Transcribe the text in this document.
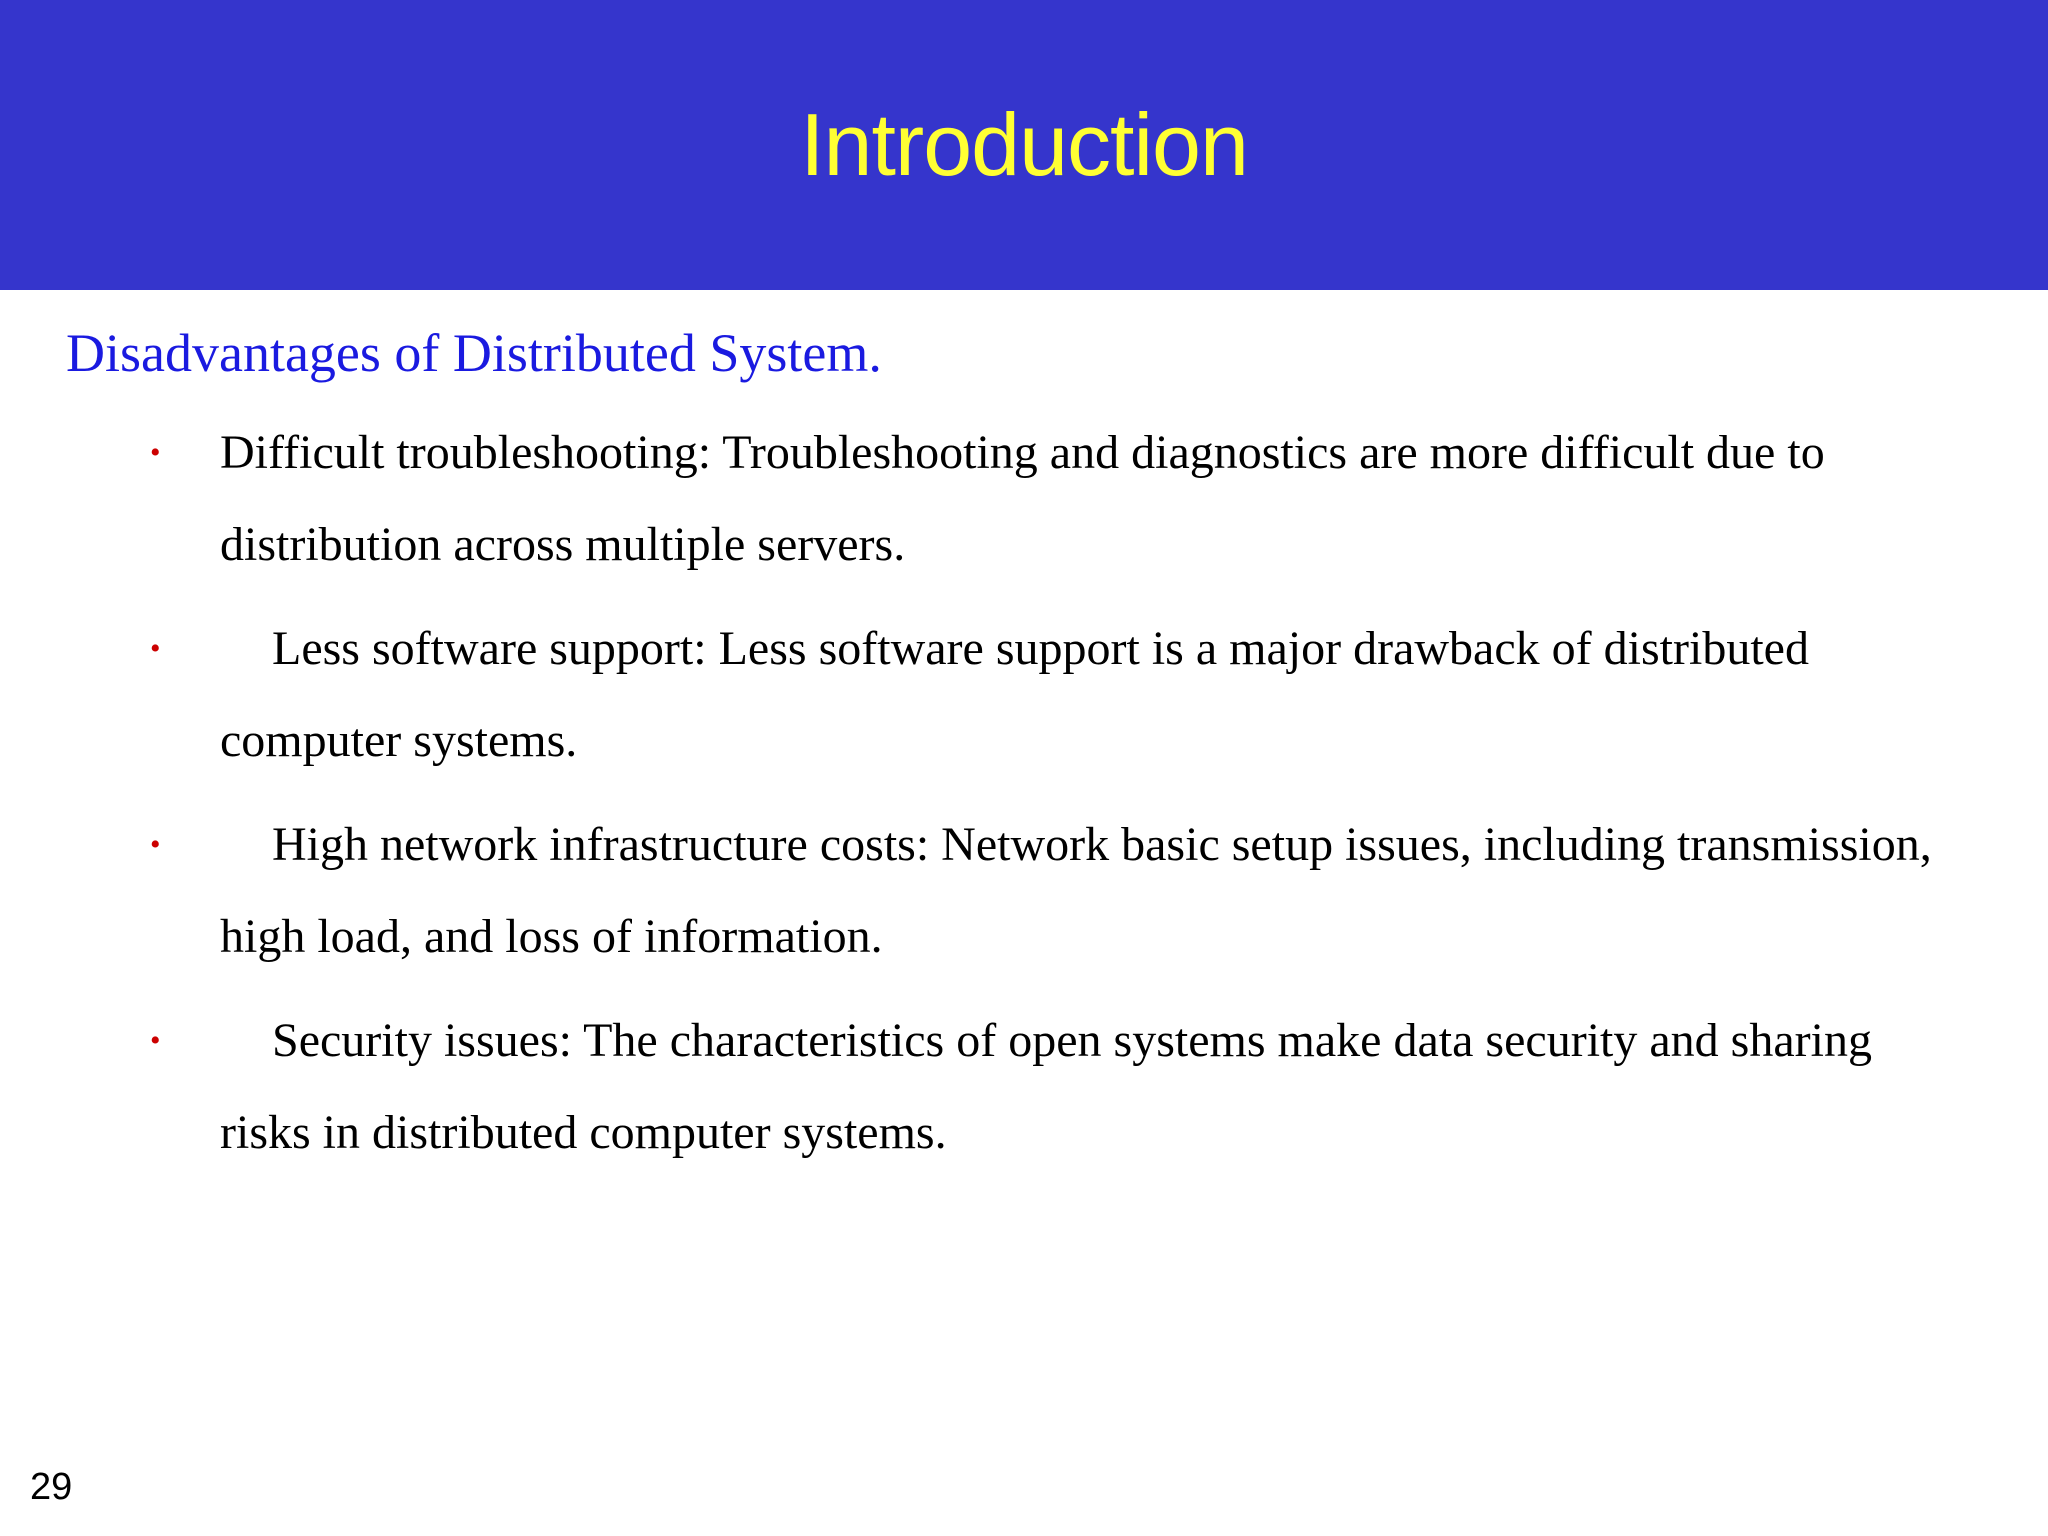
Introduction
Disadvantages of Distributed System.
• Difficult troubleshooting: Troubleshooting and diagnostics are more difficult due to distribution across multiple servers.

•	Less software support: Less software support is a major drawback of distributed computer systems.

•	High network infrastructure costs: Network basic setup issues, including transmission, high load, and loss of information.

•	Security issues: The characteristics of open systems make data security and sharing risks in distributed computer systems.

29
